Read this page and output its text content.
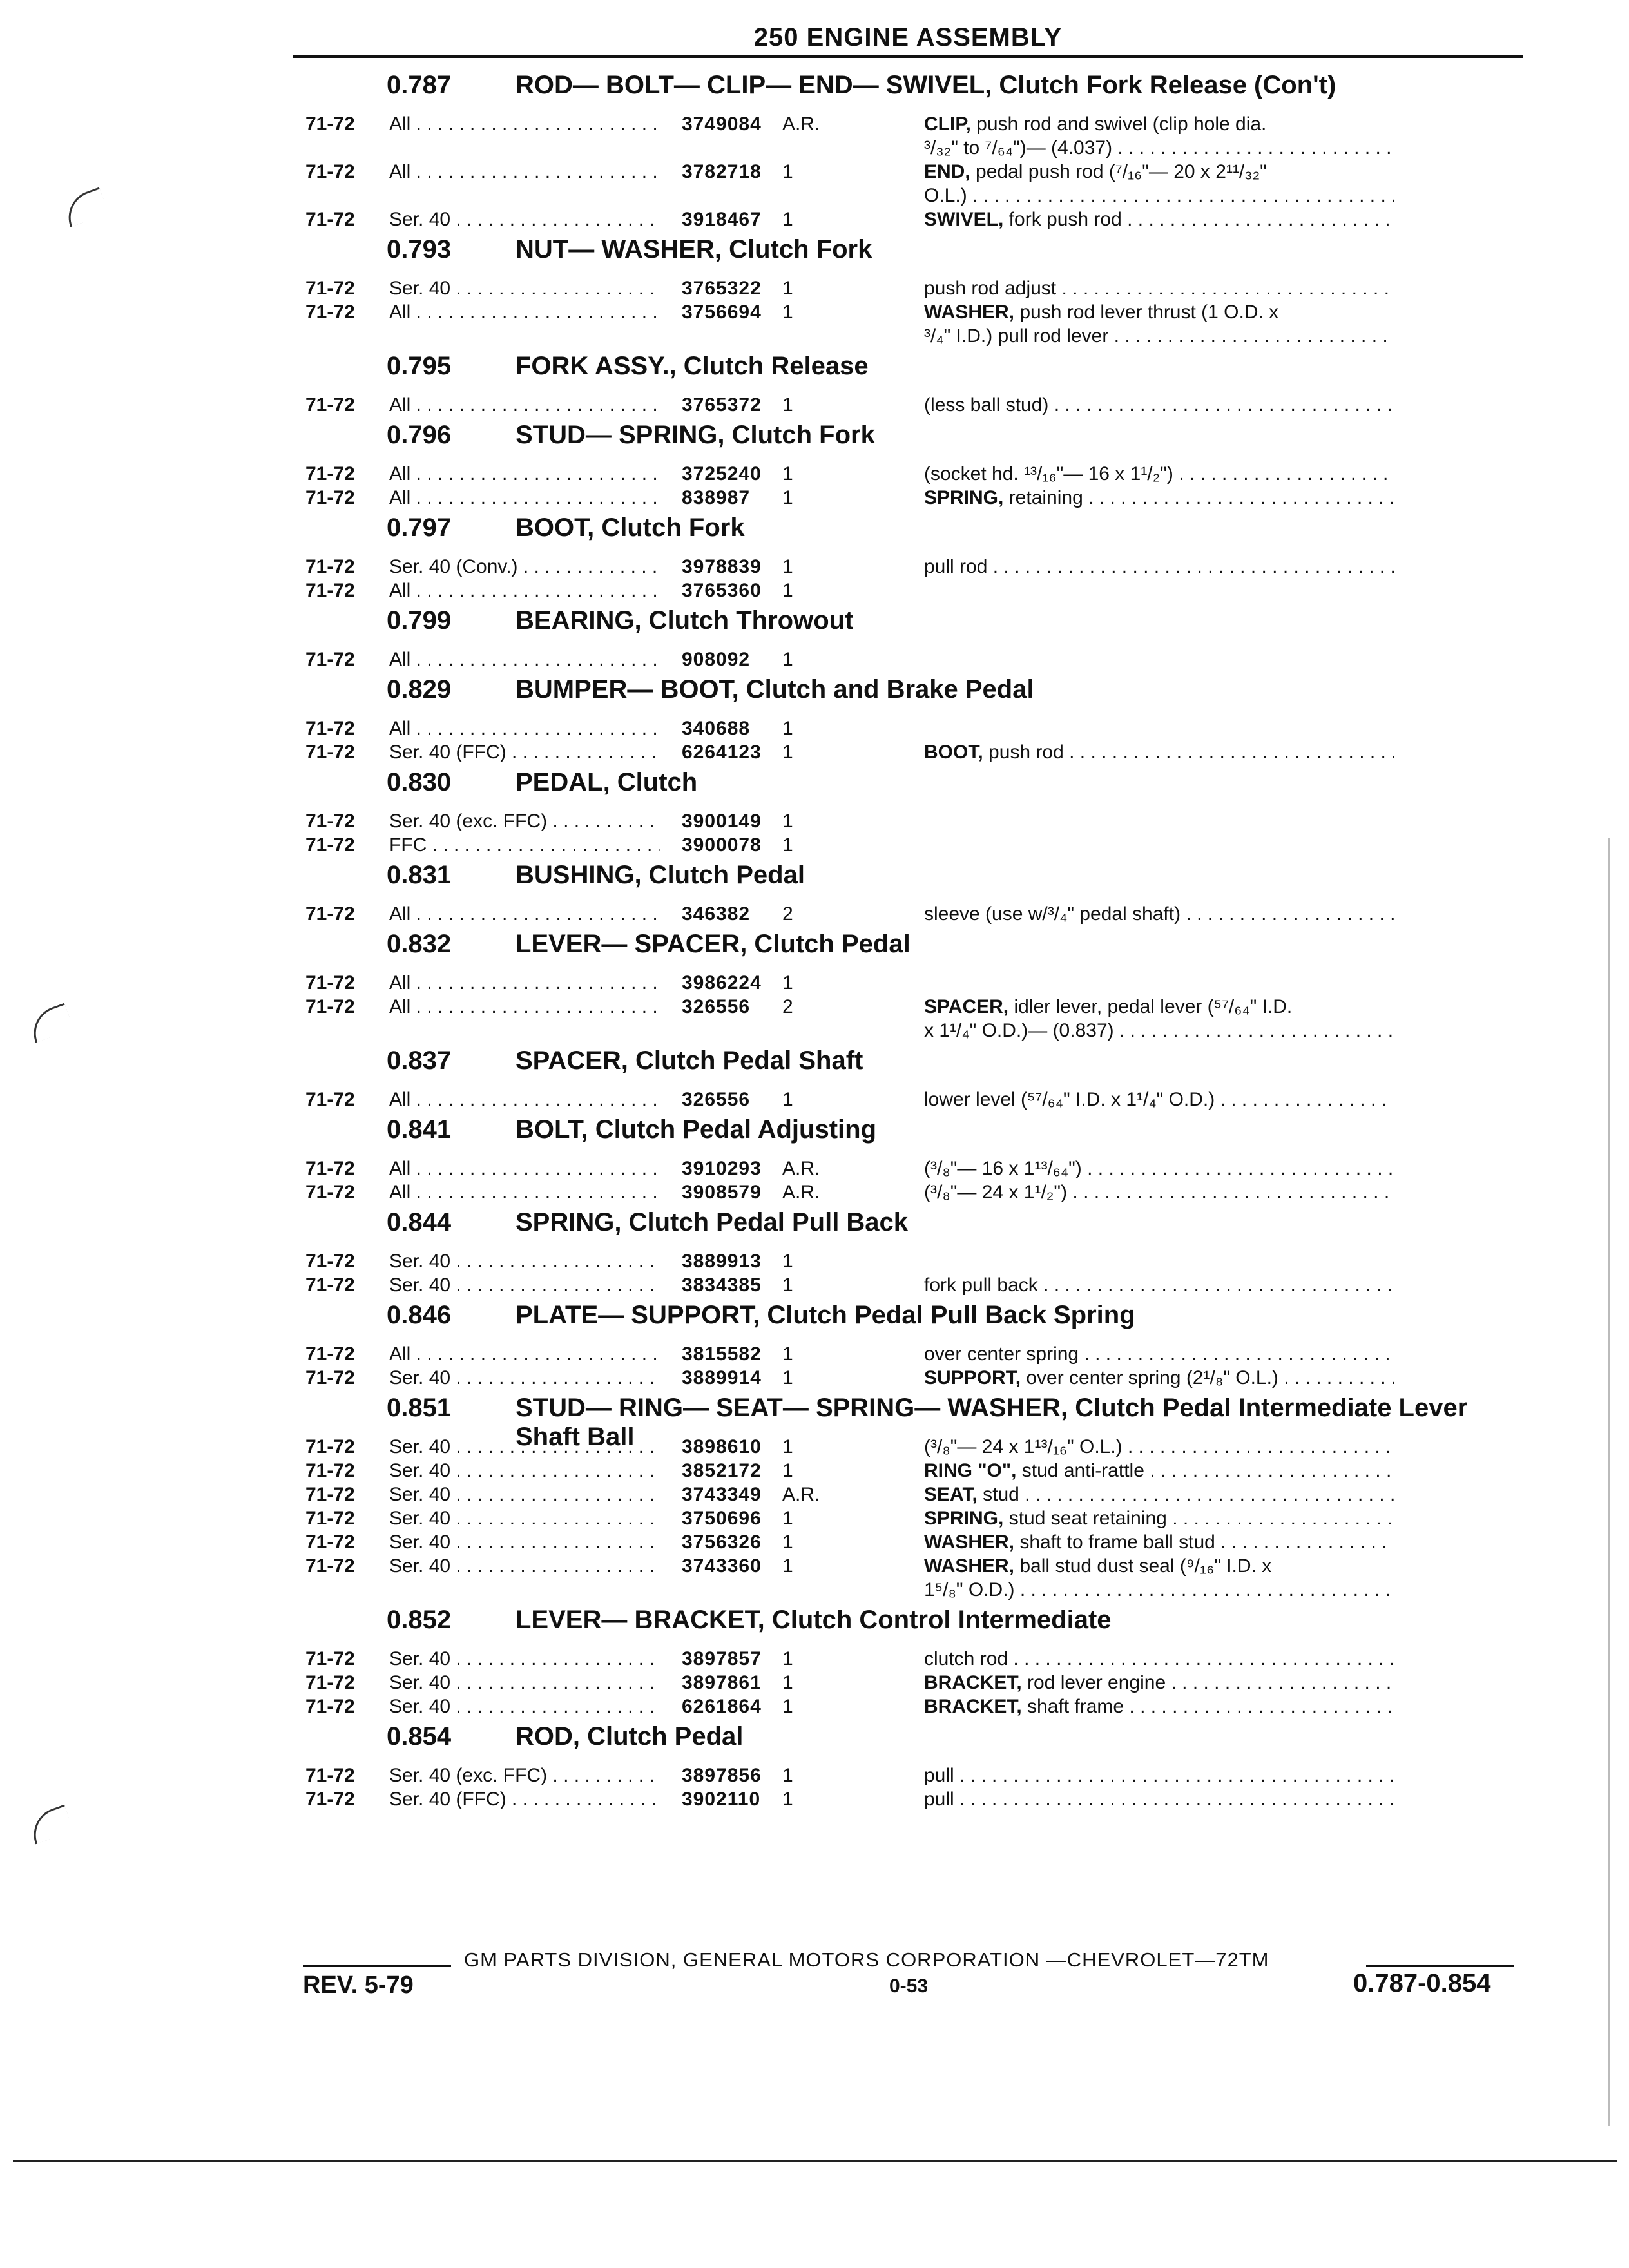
250 ENGINE ASSEMBLY
0.787	ROD— BOLT— CLIP— END— SWIVEL, Clutch Fork Release (Con't)
71-72	All . . .	3749084	A.R.	CLIP, push rod and swivel (clip hole dia.
³/₃₂" to ⁷/₆₄")— (4.037) . . .
71-72	All . . .	3782718	1	END, pedal push rod (⁷/₁₆"— 20 x 2¹¹/₃₂"
O.L.) . . .
71-72	Ser. 40 . . .	3918467	1	SWIVEL, fork push rod . . .
0.793	NUT— WASHER, Clutch Fork
71-72	Ser. 40 . . .	3765322	1	push rod adjust . . .
71-72	All . . .	3756694	1	WASHER, push rod lever thrust (1 O.D. x
³/₄" I.D.) pull rod lever . . .
0.795	FORK ASSY., Clutch Release
71-72	All . . .	3765372	1	(less ball stud) . . .
0.796	STUD— SPRING, Clutch Fork
71-72	All . . .	3725240	1	(socket hd. ¹³/₁₆"— 16 x 1¹/₂") . . .
71-72	All . . .	838987	1	SPRING, retaining . . .
0.797	BOOT, Clutch Fork
71-72	Ser. 40 (Conv.) . . .	3978839	1	pull rod . . .
71-72	All . . .	3765360	1
0.799	BEARING, Clutch Throwout
71-72	All . . .	908092	1
0.829	BUMPER— BOOT, Clutch and Brake Pedal
71-72	All . . .	340688	1
71-72	Ser. 40 (FFC) . . .	6264123	1	BOOT, push rod . . .
0.830	PEDAL, Clutch
71-72	Ser. 40 (exc. FFC) . . .	3900149	1
71-72	FFC . . .	3900078	1
0.831	BUSHING, Clutch Pedal
71-72	All . . .	346382	2	sleeve (use w/³/₄" pedal shaft) . . .
0.832	LEVER— SPACER, Clutch Pedal
71-72	All . . .	3986224	1
71-72	All . . .	326556	2	SPACER, idler lever, pedal lever (⁵⁷/₆₄" I.D.
x 1¹/₄" O.D.)— (0.837) . . .
0.837	SPACER, Clutch Pedal Shaft
71-72	All . . .	326556	1	lower level (⁵⁷/₆₄" I.D. x 1¹/₄" O.D.) . . .
0.841	BOLT, Clutch Pedal Adjusting
71-72	All . . .	3910293	A.R.	(³/₈"— 16 x 1¹³/₆₄") . . .
71-72	All . . .	3908579	A.R.	(³/₈"— 24 x 1¹/₂") . . .
0.844	SPRING, Clutch Pedal Pull Back
71-72	Ser. 40 . . .	3889913	1
71-72	Ser. 40 . . .	3834385	1	fork pull back . . .
0.846	PLATE— SUPPORT, Clutch Pedal Pull Back Spring
71-72	All . . .	3815582	1	over center spring . . .
71-72	Ser. 40 . . .	3889914	1	SUPPORT, over center spring (2¹/₈" O.L.) . . .
0.851	STUD— RING— SEAT— SPRING— WASHER, Clutch Pedal Intermediate Lever Shaft Ball
71-72	Ser. 40 . . .	3898610	1	(³/₈"— 24 x 1¹³/₁₆" O.L.) . . .
71-72	Ser. 40 . . .	3852172	1	RING "O", stud anti-rattle . . .
71-72	Ser. 40 . . .	3743349	A.R.	SEAT, stud . . .
71-72	Ser. 40 . . .	3750696	1	SPRING, stud seat retaining . . .
71-72	Ser. 40 . . .	3756326	1	WASHER, shaft to frame ball stud . . .
71-72	Ser. 40 . . .	3743360	1	WASHER, ball stud dust seal (⁹/₁₆" I.D. x
1⁵/₈" O.D.) . . .
0.852	LEVER— BRACKET, Clutch Control Intermediate
71-72	Ser. 40 . . .	3897857	1	clutch rod . . .
71-72	Ser. 40 . . .	3897861	1	BRACKET, rod lever engine . . .
71-72	Ser. 40 . . .	6261864	1	BRACKET, shaft frame . . .
0.854	ROD, Clutch Pedal
71-72	Ser. 40 (exc. FFC) . . .	3897856	1	pull . . .
71-72	Ser. 40 (FFC) . . .	3902110	1	pull . . .
GM PARTS DIVISION, GENERAL MOTORS CORPORATION —CHEVROLET—72TM
REV. 5-79	0-53	0.787-0.854
